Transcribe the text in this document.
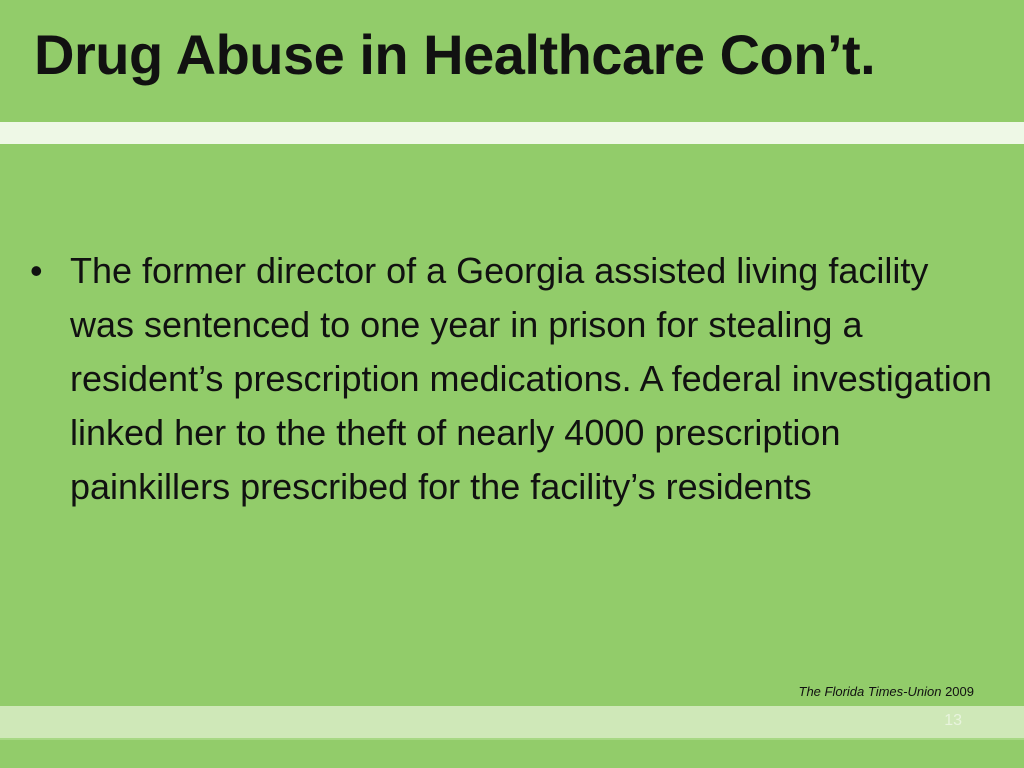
Drug Abuse in Healthcare Con’t.
• The former director of a Georgia assisted living facility was sentenced to one year in prison for stealing a resident’s prescription medications. A federal investigation linked her to the theft of nearly 4000 prescription painkillers prescribed for the facility’s residents
The Florida Times-Union 2009
13
